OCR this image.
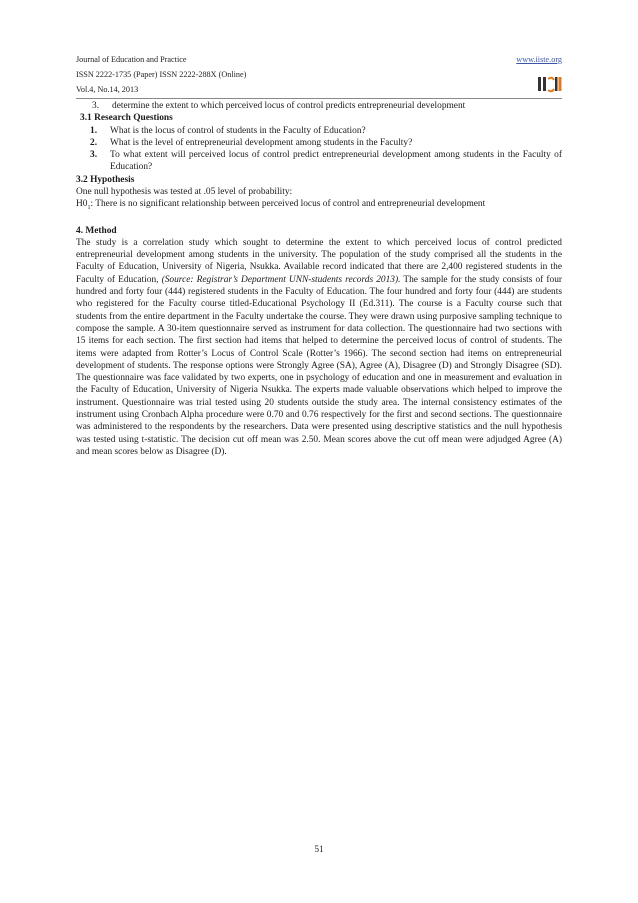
Journal of Education and Practice	www.iiste.org
ISSN 2222-1735 (Paper) ISSN 2222-288X (Online)
Vol.4, No.14, 2013
3.	determine the extent to which perceived locus of control predicts entrepreneurial development
3.1 Research Questions
1.	What is the locus of control of students in the Faculty of Education?
2.	What is the level of entrepreneurial development among students in the Faculty?
3.	To what extent will perceived locus of control predict entrepreneurial development among students in the Faculty of Education?
3.2 Hypothesis

One null hypothesis was tested at .05 level of probability:

$H0_1$: There is no significant relationship between perceived locus of control and entrepreneurial development

4. Method

The study is a correlation study which sought to determine the extent to which perceived locus of control predicted entrepreneurial development among students in the university. The population of the study comprised all the students in the Faculty of Education, University of Nigeria, Nsukka. Available record indicated that there are 2,400 registered students in the Faculty of Education, (Source: Registrar’s Department UNN-students records 2013). The sample for the study consists of four hundred and forty four (444) registered students in the Faculty of Education. The four hundred and forty four (444) are students who registered for the Faculty course titled-Educational Psychology II (Ed.311). The course is a Faculty course such that students from the entire department in the Faculty undertake the course. They were drawn using purposive sampling technique to compose the sample. A 30-item questionnaire served as instrument for data collection. The questionnaire had two sections with 15 items for each section. The first section had items that helped to determine the perceived locus of control of students. The items were adapted from Rotter’s Locus of Control Scale (Rotter’s 1966). The second section had items on entrepreneurial development of students. The response options were Strongly Agree (SA), Agree (A), Disagree (D) and Strongly Disagree (SD). The questionnaire was face validated by two experts, one in psychology of education and one in measurement and evaluation in the Faculty of Education, University of Nigeria Nsukka. The experts made valuable observations which helped to improve the instrument. Questionnaire was trial tested using 20 students outside the study area. The internal consistency estimates of the instrument using Cronbach Alpha procedure were 0.70 and 0.76 respectively for the first and second sections. The questionnaire was administered to the respondents by the researchers. Data were presented using descriptive statistics and the null hypothesis was tested using t-statistic. The decision cut off mean was 2.50. Mean scores above the cut off mean were adjudged Agree (A) and mean scores below as Disagree (D).

51
